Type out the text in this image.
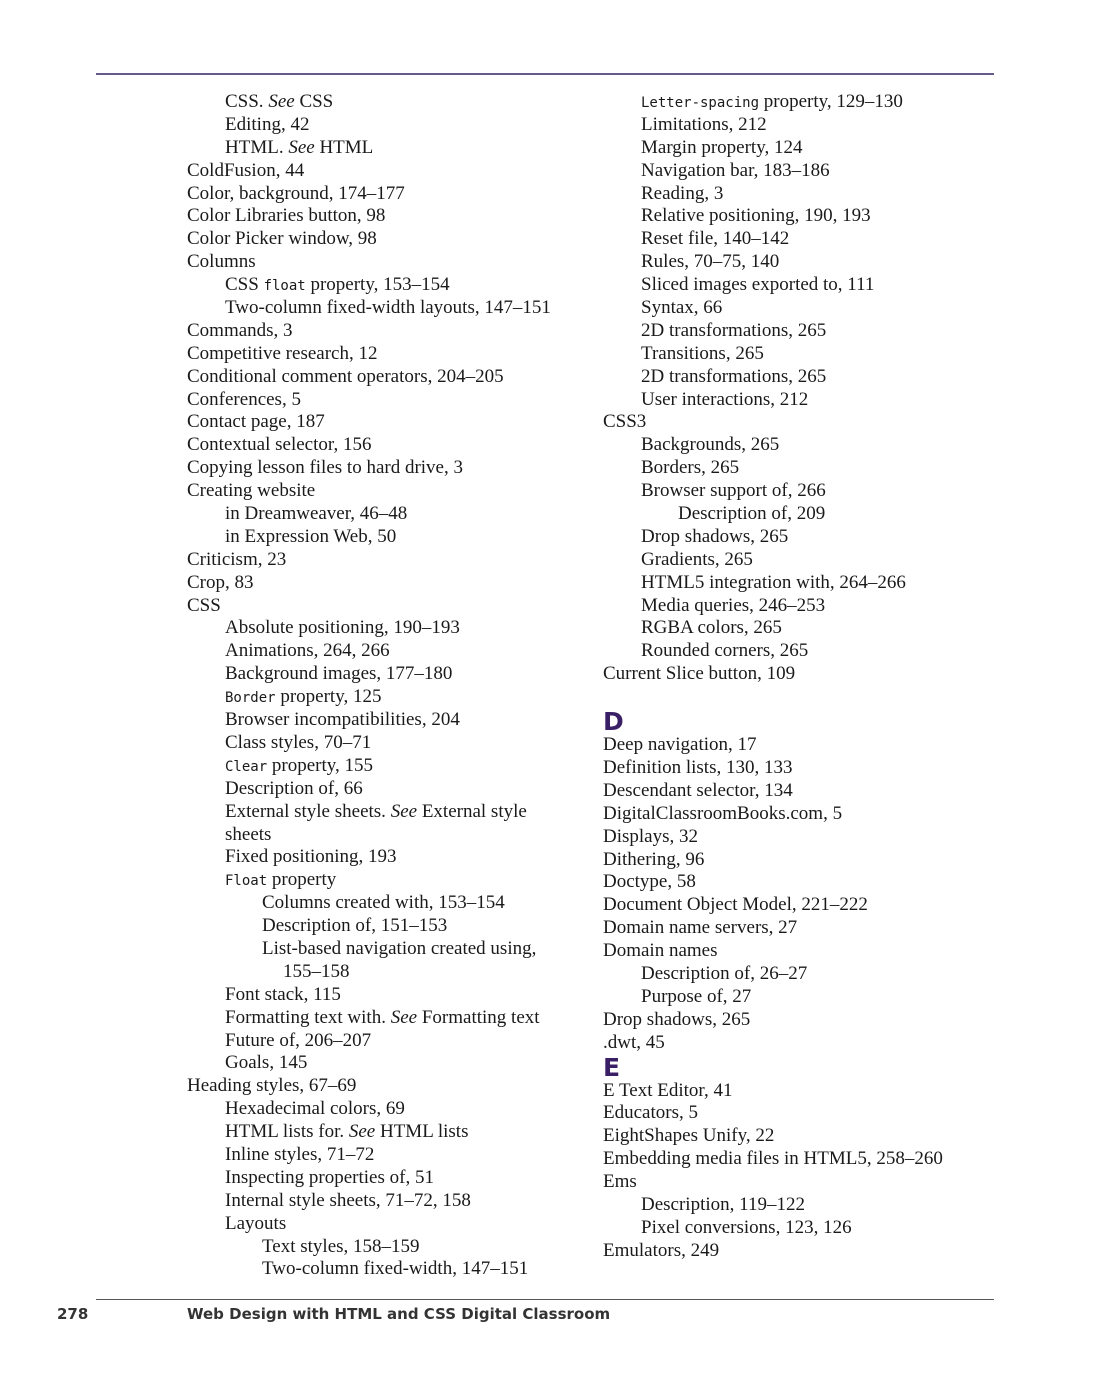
CSS. See CSS
Editing, 42
HTML. See HTML
ColdFusion, 44
Color, background, 174–177
Color Libraries button, 98
Color Picker window, 98
Columns
CSS float property, 153–154
Two-column fixed-width layouts, 147–151
Commands, 3
Competitive research, 12
Conditional comment operators, 204–205
Conferences, 5
Contact page, 187
Contextual selector, 156
Copying lesson files to hard drive, 3
Creating website
in Dreamweaver, 46–48
in Expression Web, 50
Criticism, 23
Crop, 83
CSS
Absolute positioning, 190–193
Animations, 264, 266
Background images, 177–180
Border property, 125
Browser incompatibilities, 204
Class styles, 70–71
Clear property, 155
Description of, 66
External style sheets. See External style
sheets
Fixed positioning, 193
Float property
Columns created with, 153–154
Description of, 151–153
List-based navigation created using,
155–158
Font stack, 115
Formatting text with. See Formatting text
Future of, 206–207
Goals, 145
Heading styles, 67–69
Hexadecimal colors, 69
HTML lists for. See HTML lists
Inline styles, 71–72
Inspecting properties of, 51
Internal style sheets, 71–72, 158
Layouts
Text styles, 158–159
Two-column fixed-width, 147–151
Letter-spacing property, 129–130
Limitations, 212
Margin property, 124
Navigation bar, 183–186
Reading, 3
Relative positioning, 190, 193
Reset file, 140–142
Rules, 70–75, 140
Sliced images exported to, 111
Syntax, 66
2D transformations, 265
Transitions, 265
2D transformations, 265
User interactions, 212
CSS3
Backgrounds, 265
Borders, 265
Browser support of, 266
Description of, 209
Drop shadows, 265
Gradients, 265
HTML5 integration with, 264–266
Media queries, 246–253
RGBA colors, 265
Rounded corners, 265
Current Slice button, 109
D
Deep navigation, 17
Definition lists, 130, 133
Descendant selector, 134
DigitalClassroomBooks.com, 5
Displays, 32
Dithering, 96
Doctype, 58
Document Object Model, 221–222
Domain name servers, 27
Domain names
Description of, 26–27
Purpose of, 27
Drop shadows, 265
.dwt, 45
E
E Text Editor, 41
Educators, 5
EightShapes Unify, 22
Embedding media files in HTML5, 258–260
Ems
Description, 119–122
Pixel conversions, 123, 126
Emulators, 249
278	Web Design with HTML and CSS Digital Classroom
